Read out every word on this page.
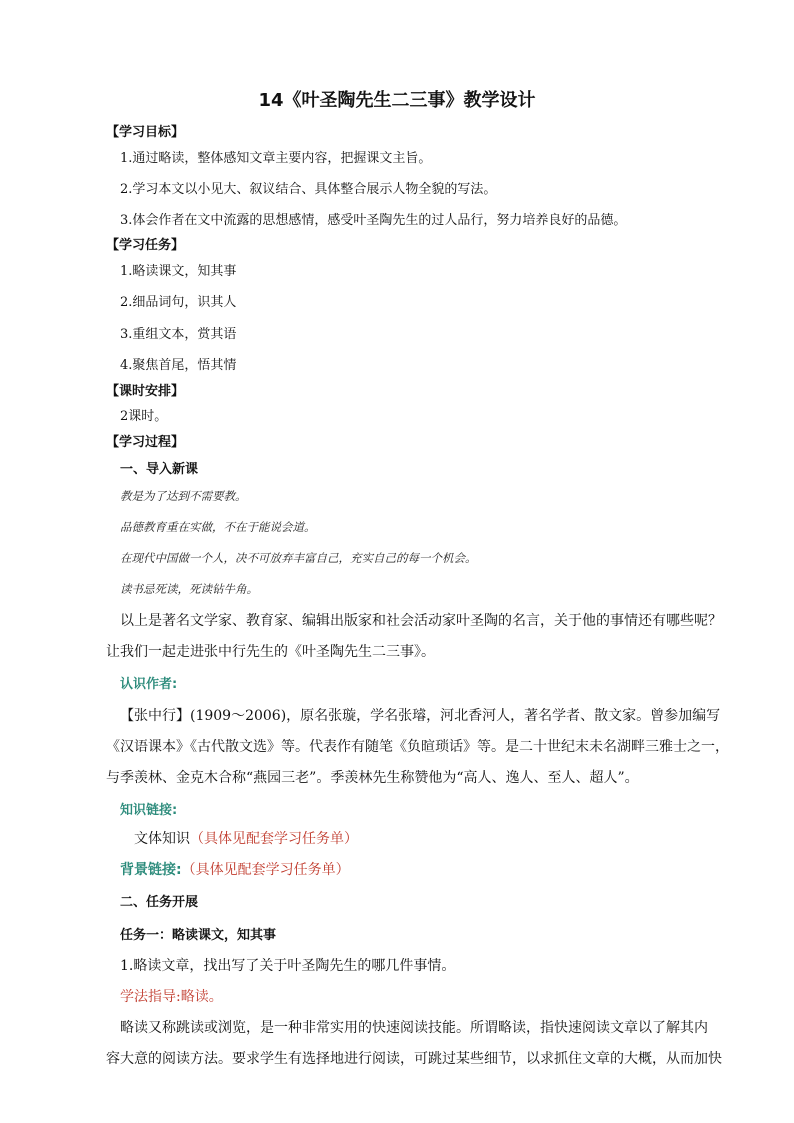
14《叶圣陶先生二三事》教学设计
【学习目标】
1.通过略读，整体感知文章主要内容，把握课文主旨。
2.学习本文以小见大、叙议结合、具体整合展示人物全貌的写法。
3.体会作者在文中流露的思想感情，感受叶圣陶先生的过人品行，努力培养良好的品德。
【学习任务】
1.略读课文，知其事
2.细品词句，识其人
3.重组文本，赏其语
4.聚焦首尾，悟其情
【课时安排】
2课时。
【学习过程】
一、导入新课
教是为了达到不需要教。
品德教育重在实做，不在于能说会道。
在现代中国做一个人，决不可放弃丰富自己，充实自己的每一个机会。
读书忌死读，死读钻牛角。
以上是著名文学家、教育家、编辑出版家和社会活动家叶圣陶的名言，关于他的事情还有哪些呢？
让我们一起走进张中行先生的《叶圣陶先生二三事》。
认识作者:
【张中行】(1909～2006)，原名张璇，学名张璿，河北香河人，著名学者、散文家。曾参加编写
《汉语课本》《古代散文选》等。代表作有随笔《负暄琐话》等。是二十世纪末未名湖畔三雅士之一，
与季羡林、金克木合称“燕园三老”。季羡林先生称赞他为“高人、逸人、至人、超人”。
知识链接:
文体知识（具体见配套学习任务单）
背景链接:（具体见配套学习任务单）
二、任务开展
任务一：略读课文，知其事
1.略读文章，找出写了关于叶圣陶先生的哪几件事情。
学法指导:略读。
略读又称跳读或浏览，是一种非常实用的快速阅读技能。所谓略读，指快速阅读文章以了解其内
容大意的阅读方法。要求学生有选择地进行阅读，可跳过某些细节，以求抓住文章的大概，从而加快
